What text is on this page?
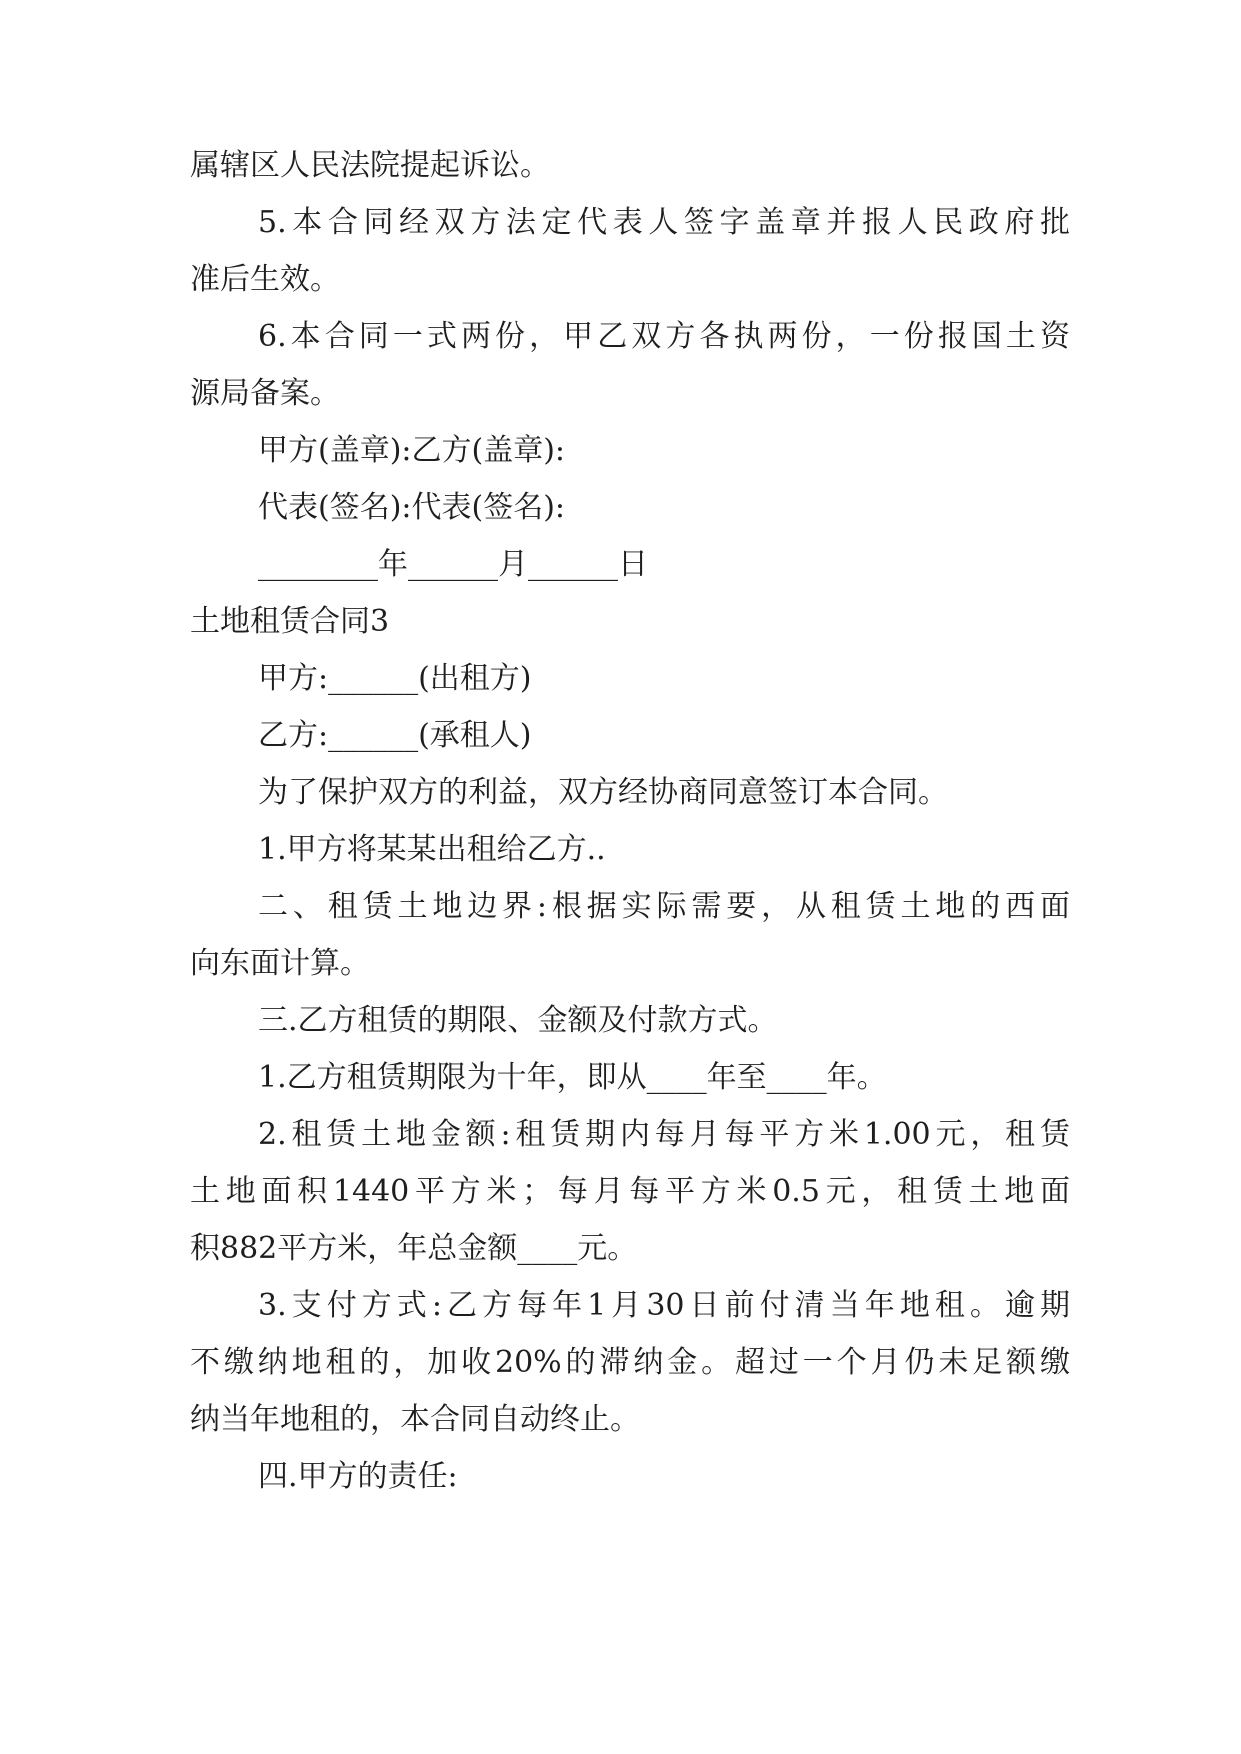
属辖区人民法院提起诉讼。
5.本合同经双方法定代表人签字盖章并报人民政府批
准后生效。
6.本合同一式两份，甲乙双方各执两份，一份报国土资
源局备案。
甲方(盖章):乙方(盖章):
代表(签名):代表(签名):
________年______月______日
土地租赁合同3
甲方:______(出租方)
乙方:______(承租人)
为了保护双方的利益，双方经协商同意签订本合同。
1.甲方将某某出租给乙方..
二、租赁土地边界:根据实际需要，从租赁土地的西面
向东面计算。
三.乙方租赁的期限、金额及付款方式。
1.乙方租赁期限为十年，即从____年至____年。
2.租赁土地金额:租赁期内每月每平方米1.00元，租赁
土地面积1440平方米；每月每平方米0.5元，租赁土地面
积882平方米，年总金额____元。
3.支付方式:乙方每年1月30日前付清当年地租。逾期
不缴纳地租的，加收20%的滞纳金。超过一个月仍未足额缴
纳当年地租的，本合同自动终止。
四.甲方的责任:
